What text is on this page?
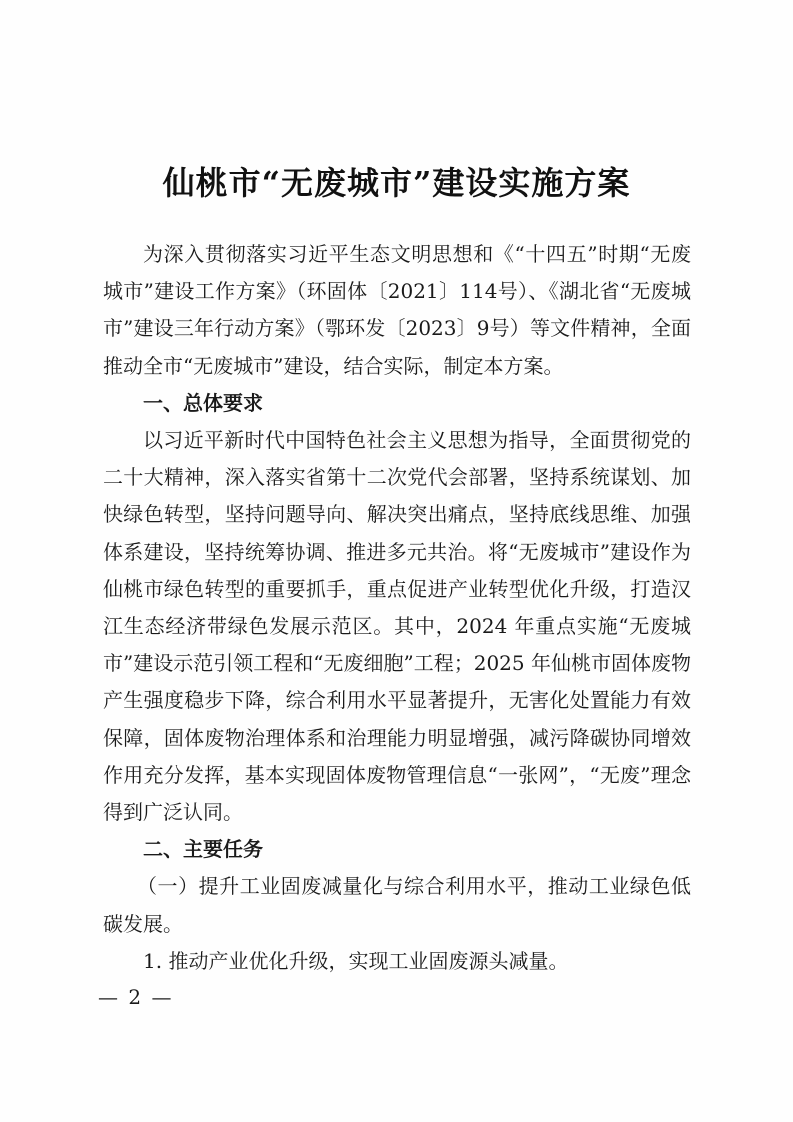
仙桃市“无废城市”建设实施方案

为深入贯彻落实习近平生态文明思想和《“十四五”时期“无废城市”建设工作方案》（环固体〔2021〕114号）、《湖北省“无废城市”建设三年行动方案》（鄂环发〔2023〕9号）等文件精神，全面推动全市“无废城市”建设，结合实际，制定本方案。

一、总体要求

以习近平新时代中国特色社会主义思想为指导，全面贯彻党的二十大精神，深入落实省第十二次党代会部署，坚持系统谋划、加快绿色转型，坚持问题导向、解决突出痛点，坚持底线思维、加强体系建设，坚持统筹协调、推进多元共治。将“无废城市”建设作为仙桃市绿色转型的重要抓手，重点促进产业转型优化升级，打造汉江生态经济带绿色发展示范区。其中，2024 年重点实施“无废城市”建设示范引领工程和“无废细胞”工程；2025 年仙桃市固体废物产生强度稳步下降，综合利用水平显著提升，无害化处置能力有效保障，固体废物治理体系和治理能力明显增强，减污降碳协同增效作用充分发挥，基本实现固体废物管理信息“一张网”，“无废”理念得到广泛认同。

二、主要任务

（一）提升工业固废减量化与综合利用水平，推动工业绿色低碳发展。

1. 推动产业优化升级，实现工业固废源头减量。

— 2 —
